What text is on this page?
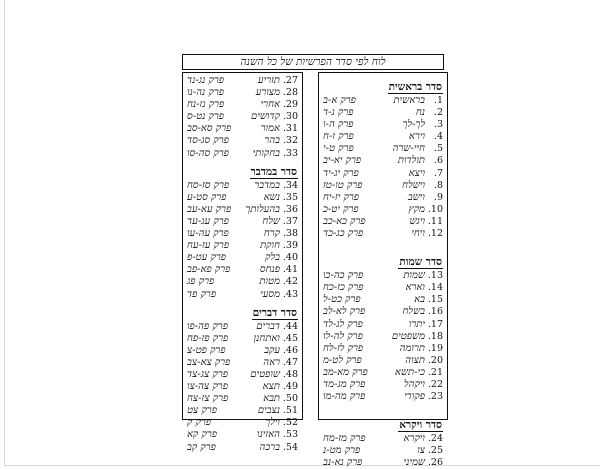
לוח לפי סדר הפרשיות של כל השנה
סדר בראשית
1.
בראשית
פרק א-ב
2.
נח
פרק ג-ד
3.
לך-לך
פרק ה-ו
4.
וירא
פרק ז-ח
5.
חיי-שרה
פרק ט-י
6.
תולדות
פרק יא-יב
7.
ויצא
פרק יג-יד
8.
וישלח
פרק טו-טז
9.
וישב
פרק יז-יח
10.
מקץ
פרק יט-כ
11.
ויגש
פרק כא-כב
12.
ויחי
פרק כג-כד
סדר שמות
13.
שמות
פרק כה-כו
14.
וארא
פרק כז-כח
15.
בא
פרק כט-ל
16.
בשלח
פרק לא-לב
17.
יתרו
פרק לג-לד
18.
משפטים
פרק לה-לו
19.
תרומה
פרק לז-לח
20.
תצוה
פרק לט-מ
21.
כי-תשא
פרק מא-מב
22.
ויקהל
פרק מג-מד
23.
פקודי
פרק מה-מו
סדר ויקרא
24.
ויקרא
פרק מז-מח
25.
צו
פרק מט-נ
26.
שמיני
פרק נא-נב
27.
תזריע
פרק נג-נד
28.
מצורע
פרק נה-נו
29.
אחרי
פרק נז-נח
30.
קדושים
פרק נט-ס
31.
אמור
פרק סא-סב
32.
בהר
פרק סג-סד
33.
בחקותי
פרק סה-סו
סדר במדבר
34.
במדבר
פרק סז-סח
35.
נשא
פרק סט-ע
36.
בהעלותך
פרק עא-עב
37.
שלח
פרק עג-עד
38.
קרח
פרק עה-עו
39.
חוקת
פרק עז-עח
40.
בלק
פרק עט-פ
41.
פנחס
פרק פא-פב
42.
מטות
פרק פג
43.
מסעי
פרק פד
סדר דברים
44.
דברים
פרק פה-פו
45.
ואתחנן
פרק פז-פח
46.
עקב
פרק פט-צ
47.
ראה
פרק צא-צב
48.
שופטים
פרק צג-צד
49.
תצא
פרק צה-צו
50.
תבא
פרק צז-צח
51.
נצבים
פרק צט
52.
וילך
פרק ק
53.
האזינו
פרק קא
54.
ברכה
פרק קב
